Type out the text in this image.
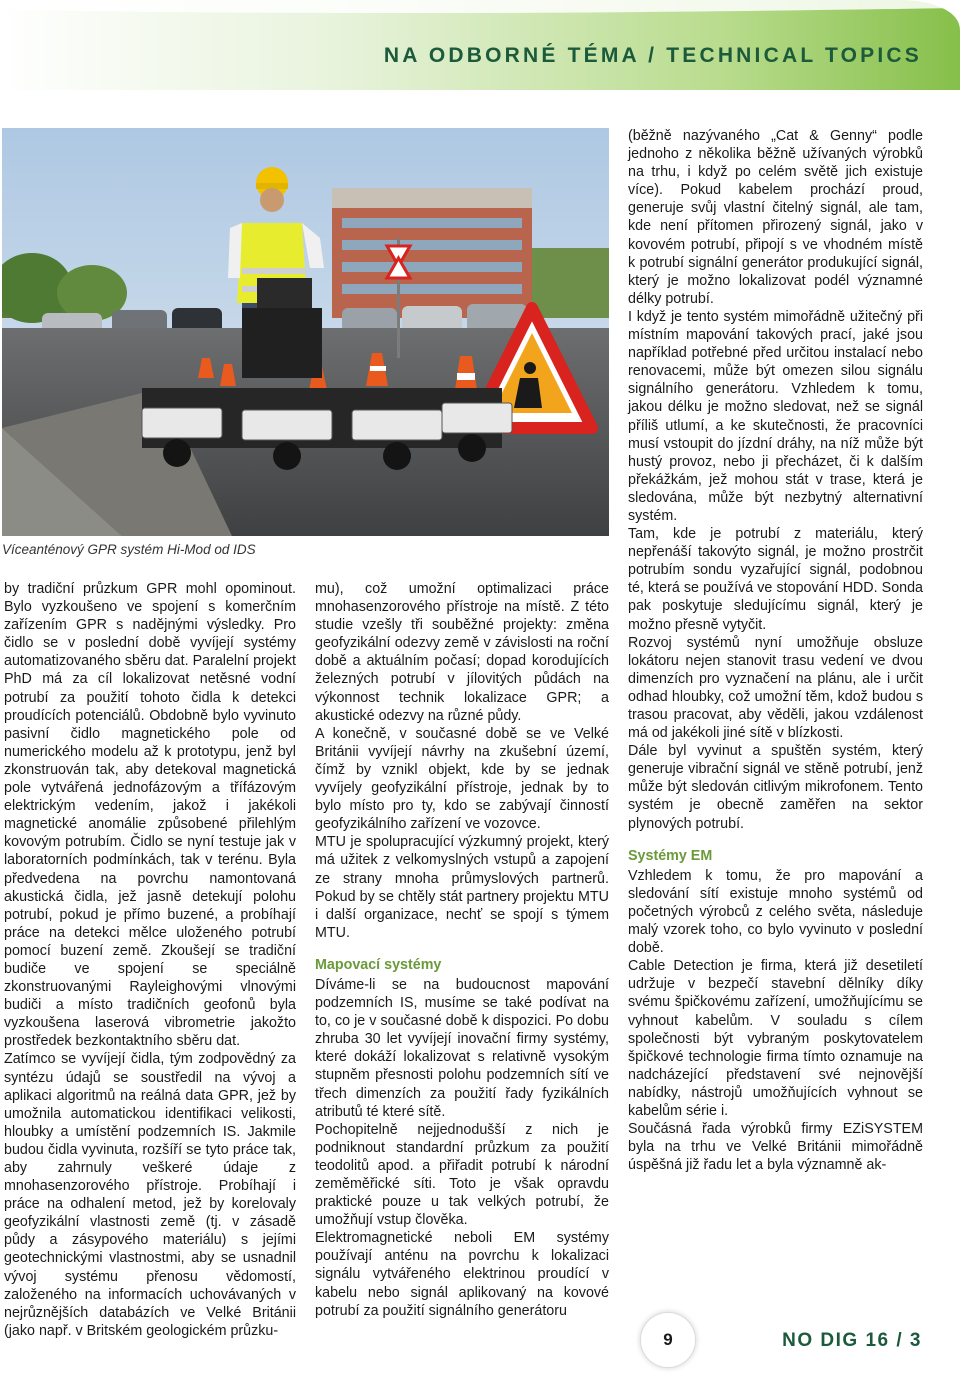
NA ODBORNÉ TÉMA / TECHNICAL TOPICS
Víceanténový GPR systém Hi-Mod od IDS

by tradiční průzkum GPR mohl opominout. Bylo vyzkoušeno ve spojení s komerčním zařízením GPR s nadějnými výsledky. Pro čidlo se v poslední době vyvíjejí systémy automatizovaného sběru dat. Paralelní projekt PhD má za cíl lokalizovat netěsné vodní potrubí za použití tohoto čidla k detekci proudících potenciálů. Obdobně bylo vyvinuto pasivní čidlo magnetického pole od numerického modelu až k prototypu, jenž byl zkonstruován tak, aby detekoval magnetická pole vytvářená jednofázovým a třífázovým elektrickým vedením, jakož i jakékoli magnetické anomálie způsobené přilehlým kovovým potrubím. Čidlo se nyní testuje jak v laboratorních podmínkách, tak v terénu. Byla předvedena na povrchu namontovaná akustická čidla, jež jasně detekují polohu potrubí, pokud je přímo buzené, a probíhají práce na detekci mělce uloženého potrubí pomocí buzení země. Zkoušejí se tradiční budiče ve spojení se speciálně zkonstruovanými Rayleighovými vlnovými budiči a místo tradičních geofonů byla vyzkoušena laserová vibrometrie jakožto prostředek bezkontaktního sběru dat.

Zatímco se vyvíjejí čidla, tým zodpovědný za syntézu údajů se soustředil na vývoj a aplikaci algoritmů na reálná data GPR, jež by umožnila automatickou identifikaci velikosti, hloubky a umístění podzemních IS. Jakmile budou čidla vyvinuta, rozšíří se tyto práce tak, aby zahrnuly veškeré údaje z mnohasenzorového přístroje. Probíhají i práce na odhalení metod, jež by korelovaly geofyzikální vlastnosti země (tj. v zásadě půdy a zásypového materiálu) s jejími geotechnickými vlastnostmi, aby se usnadnil vývoj systému přenosu vědomostí, založeného na informacích uchovávaných v nejrůznějších databázích ve Velké Británii (jako např. v Britském geologickém průzku-

mu), což umožní optimalizaci práce mnohasenzorového přístroje na místě. Z této studie vzešly tři souběžné projekty: změna geofyzikální odezvy země v závislosti na roční době a aktuálním počasí; dopad korodujících železných potrubí v jílovitých půdách na výkonnost technik lokalizace GPR; a akustické odezvy na různé půdy.

A konečně, v současné době se ve Velké Británii vyvíjejí návrhy na zkušební území, čímž by vznikl objekt, kde by se jednak vyvíjely geofyzikální přístroje, jednak by to bylo místo pro ty, kdo se zabývají činností geofyzikálního zařízení ve vozovce.

MTU je spolupracující výzkumný projekt, který má užitek z velkomyslných vstupů a zapojení ze strany mnoha průmyslových partnerů. Pokud by se chtěly stát partnery projektu MTU i další organizace, nechť se spojí s týmem MTU.

Mapovací systémy

Díváme-li se na budoucnost mapování podzemních IS, musíme se také podívat na to, co je v současné době k dispozici. Po dobu zhruba 30 let vyvíjejí inovační firmy systémy, které dokáží lokalizovat s relativně vysokým stupněm přesnosti polohu podzemních sítí ve třech dimenzích za použití řady fyzikálních atributů té které sítě.

Pochopitelně nejjednodušší z nich je podniknout standardní průzkum za použití teodolitů apod. a přiřadit potrubí k národní zeměměřické síti. Toto je však opravdu praktické pouze u tak velkých potrubí, že umožňují vstup člověka.

Elektromagnetické neboli EM systémy používají anténu na povrchu k lokalizaci signálu vytvářeného elektrinou proudící v kabelu nebo signál aplikovaný na kovové potrubí za použití signálního generátoru

(běžně nazývaného „Cat & Genny“ podle jednoho z několika běžně užívaných výrobků na trhu, i když po celém světě jich existuje více). Pokud kabelem prochází proud, generuje svůj vlastní čitelný signál, ale tam, kde není přítomen přirozený signál, jako v kovovém potrubí, připojí s ve vhodném místě k potrubí signální generátor produkující signál, který je možno lokalizovat podél významné délky potrubí.

I když je tento systém mimořádně užitečný při místním mapování takových prací, jaké jsou například potřebné před určitou instalací nebo renovacemi, může být omezen silou signálu signálního generátoru. Vzhledem k tomu, jakou délku je možno sledovat, než se signál příliš utlumí, a ke skutečnosti, že pracovníci musí vstoupit do jízdní dráhy, na níž může být hustý provoz, nebo ji přecházet, či k dalším překážkám, jež mohou stát v trase, která je sledována, může být nezbytný alternativní systém.

Tam, kde je potrubí z materiálu, který nepřenáší takovýto signál, je možno prostrčit potrubím sondu vyzařující signál, podobnou té, která se používá ve stopování HDD. Sonda pak poskytuje sledujícímu signál, který je možno přesně vytyčit.

Rozvoj systémů nyní umožňuje obsluze lokátoru nejen stanovit trasu vedení ve dvou dimenzích pro vyznačení na plánu, ale i určit odhad hloubky, což umožní těm, kdož budou s trasou pracovat, aby věděli, jakou vzdálenost má od jakékoli jiné sítě v blízkosti.

Dále byl vyvinut a spuštěn systém, který generuje vibrační signál ve stěně potrubí, jenž může být sledován citlivým mikrofonem. Tento systém je obecně zaměřen na sektor plynových potrubí.

Systémy EM

Vzhledem k tomu, že pro mapování a sledování sítí existuje mnoho systémů od početných výrobců z celého světa, následuje malý vzorek toho, co bylo vyvinuto v poslední době.

Cable Detection je firma, která již desetiletí udržuje v bezpečí stavební dělníky díky svému špičkovému zařízení, umožňujícímu se vyhnout kabelům. V souladu s cílem společnosti být vybraným poskytovatelem špičkové technologie firma tímto oznamuje na nadcházející představení své nejnovější nabídky, nástrojů umožňujících vyhnout se kabelům série i.

Součásná řada výrobků firmy EZiSYSTEM byla na trhu ve Velké Británii mimořádně úspěšná již řadu let a byla významně ak-

9	NO DIG 16 / 3
